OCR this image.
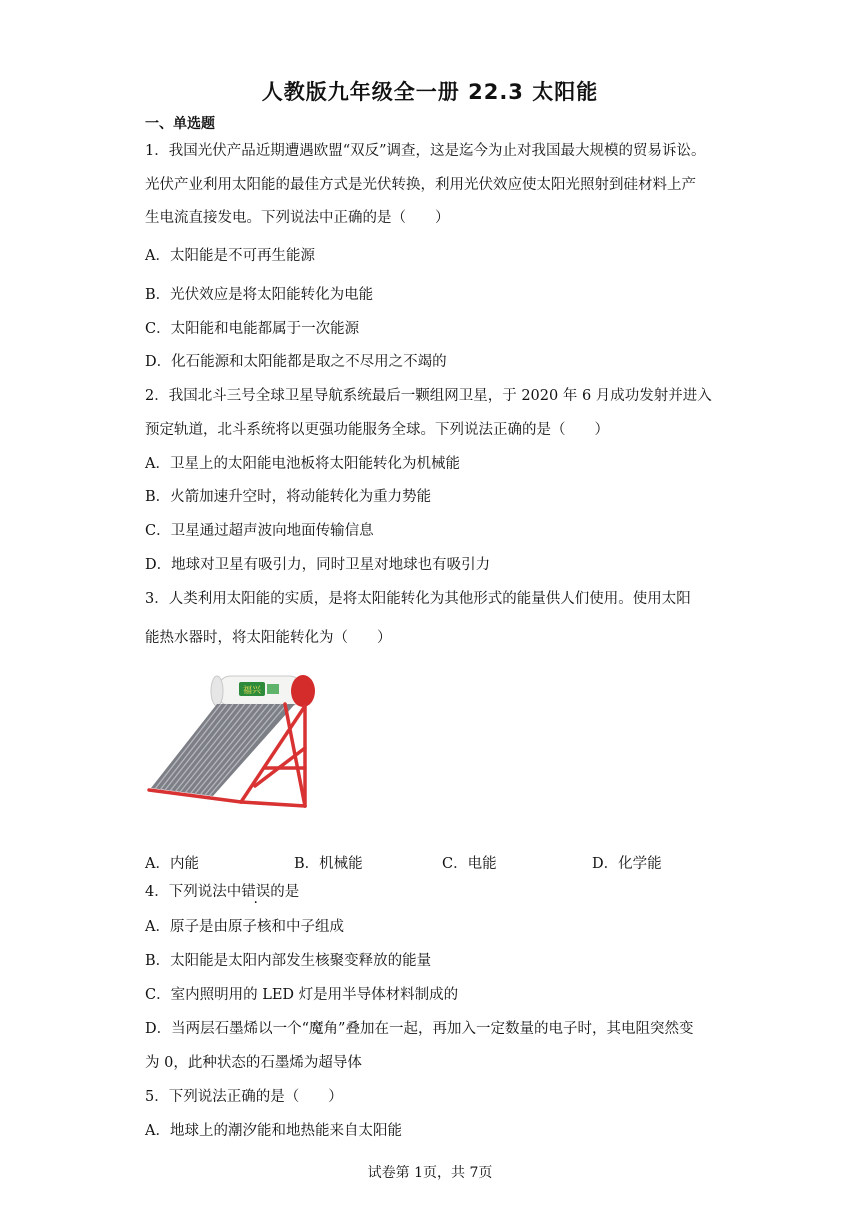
人教版九年级全一册 22.3 太阳能
一、单选题
1．我国光伏产品近期遭遇欧盟“双反”调查，这是迄今为止对我国最大规模的贸易诉讼。
光伏产业利用太阳能的最佳方式是光伏转换，利用光伏效应使太阳光照射到硅材料上产
生电流直接发电。下列说法中正确的是（　　）
A．太阳能是不可再生能源
B．光伏效应是将太阳能转化为电能
C．太阳能和电能都属于一次能源
D．化石能源和太阳能都是取之不尽用之不竭的
2．我国北斗三号全球卫星导航系统最后一颗组网卫星，于 2020 年 6 月成功发射并进入
预定轨道，北斗系统将以更强功能服务全球。下列说法正确的是（　　）
A．卫星上的太阳能电池板将太阳能转化为机械能
B．火箭加速升空时，将动能转化为重力势能
C．卫星通过超声波向地面传输信息
D．地球对卫星有吸引力，同时卫星对地球也有吸引力
3．人类利用太阳能的实质，是将太阳能转化为其他形式的能量供人们使用。使用太阳
能热水器时，将太阳能转化为（　　）
福兴
A．内能	B．机械能	C．电能	D．化学能
4．下列说法中错误的是
A．原子是由原子核和中子组成
B．太阳能是太阳内部发生核聚变释放的能量
C．室内照明用的 LED 灯是用半导体材料制成的
D．当两层石墨烯以一个“魔角”叠加在一起，再加入一定数量的电子时，其电阻突然变
为 0，此种状态的石墨烯为超导体
5．下列说法正确的是（　　）
A．地球上的潮汐能和地热能来自太阳能
试卷第 1页，共 7页
